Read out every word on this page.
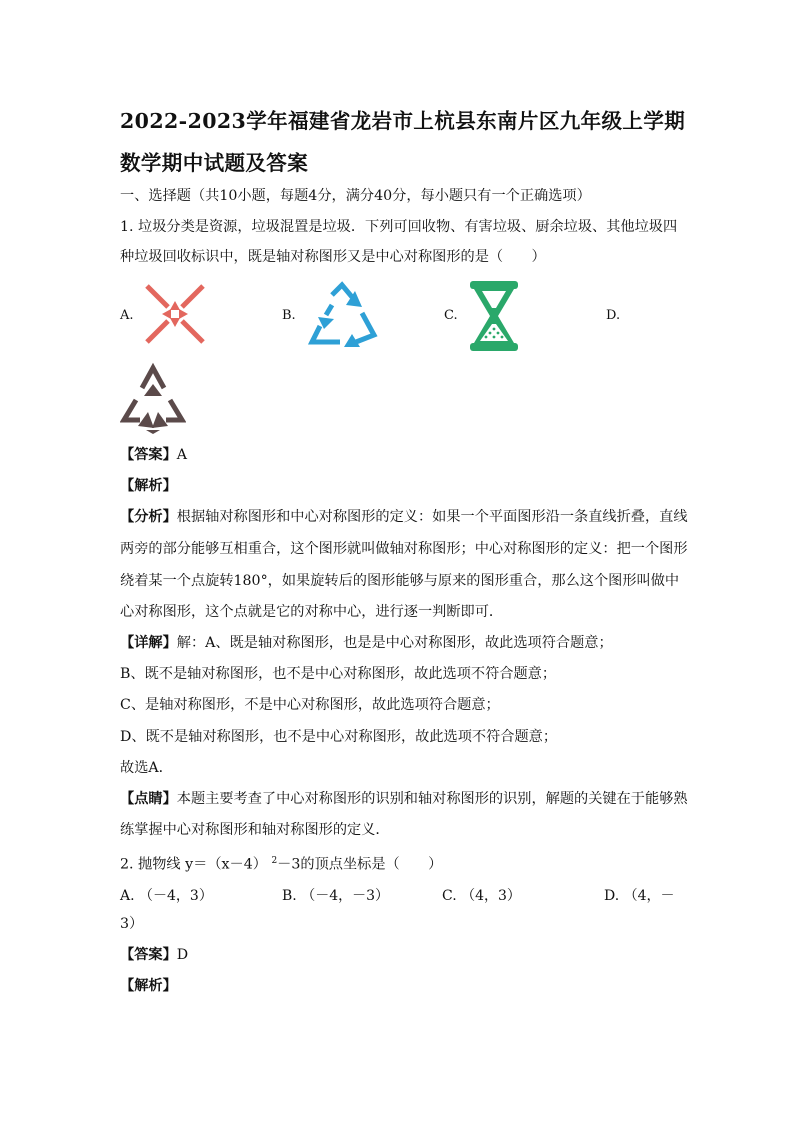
2022-2023学年福建省龙岩市上杭县东南片区九年级上学期
数学期中试题及答案
一、选择题（共10小题，每题4分，满分40分，每小题只有一个正确选项）
1. 垃圾分类是资源，垃圾混置是垃圾．下列可回收物、有害垃圾、厨余垃圾、其他垃圾四
种垃圾回收标识中，既是轴对称图形又是中心对称图形的是（　　）
A.	B.	C.	D.
【答案】A
【解析】
【分析】根据轴对称图形和中心对称图形的定义：如果一个平面图形沿一条直线折叠，直线
两旁的部分能够互相重合，这个图形就叫做轴对称图形；中心对称图形的定义：把一个图形
绕着某一个点旋转180°，如果旋转后的图形能够与原来的图形重合，那么这个图形叫做中
心对称图形，这个点就是它的对称中心，进行逐一判断即可．
【详解】解：A、既是轴对称图形，也是是中心对称图形，故此选项符合题意；
B、既不是轴对称图形，也不是中心对称图形，故此选项不符合题意；
C、是轴对称图形，不是中心对称图形，故此选项符合题意；
D、既不是轴对称图形，也不是中心对称图形，故此选项不符合题意；
故选A．
【点睛】本题主要考查了中心对称图形的识别和轴对称图形的识别，解题的关键在于能够熟
练掌握中心对称图形和轴对称图形的定义．
2. 抛物线 y＝（x－4） $^2$－3的顶点坐标是（　　）
A. （－4，3）	B. （－4，－3）	C. （4，3）	D. （4，－
3）
【答案】D
【解析】
